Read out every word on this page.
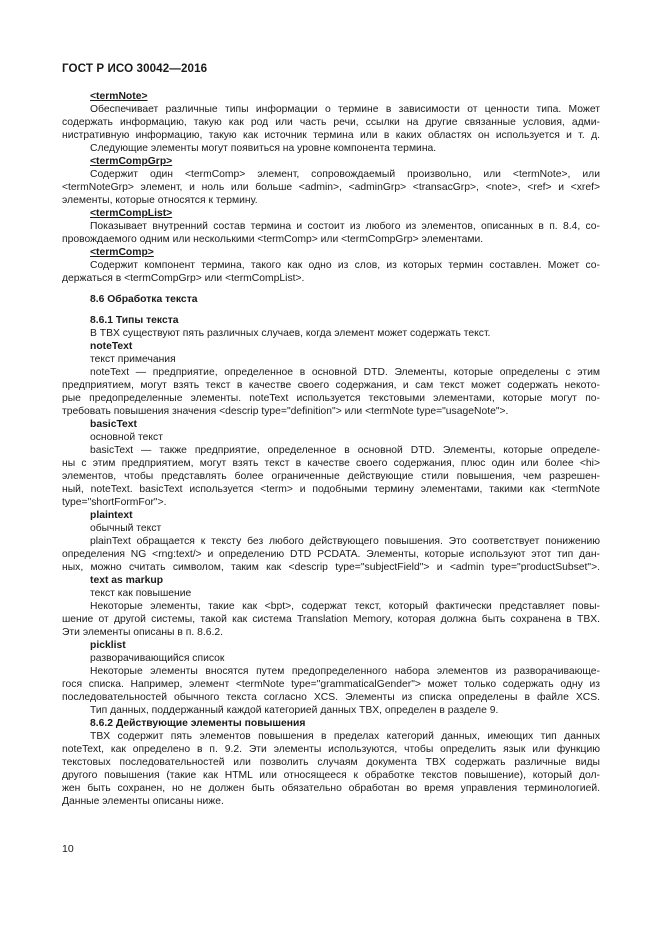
ГОСТ Р ИСО 30042—2016
<termNote>
Обеспечивает различные типы информации о термине в зависимости от ценности типа. Может
содержать информацию, такую как род или часть речи, ссылки на другие связанные условия, адми-
нистративную информацию, такую как источник термина или в каких областях он используется и т. д.
Следующие элементы могут появиться на уровне компонента термина.
<termCompGrp>
Содержит один <termComp> элемент, сопровождаемый произвольно, или <termNote>, или
<termNoteGrp> элемент, и ноль или больше <admin>, <adminGrp> <transacGrp>, <note>, <ref> и <xref>
элементы, которые относятся к термину.
<termCompList>
Показывает внутренний состав термина и состоит из любого из элементов, описанных в п. 8.4, со-
провождаемого одним или несколькими <termComp> или <termCompGrp> элементами.
<termComp>
Содержит компонент термина, такого как одно из слов, из которых термин составлен. Может со-
держаться в <termCompGrp> или <termCompList>.
8.6 Обработка текста
8.6.1 Типы текста
В TBX существуют пять различных случаев, когда элемент может содержать текст.
noteText
текст примечания
noteText — предприятие, определенное в основной DTD. Элементы, которые определены с этим
предприятием, могут взять текст в качестве своего содержания, и сам текст может содержать некото-
рые предопределенные элементы. noteText используется текстовыми элементами, которые могут по-
требовать повышения значения <descrip type="definition"> или <termNote type="usageNote">.
basicText
основной текст
basicText — также предприятие, определенное в основной DTD. Элементы, которые определе-
ны с этим предприятием, могут взять текст в качестве своего содержания, плюс один или более <hi>
элементов, чтобы представлять более ограниченные действующие стили повышения, чем разрешен-
ный, noteText. basicText используется <term> и подобными термину элементами, такими как <termNote
type="shortFormFor">.
plaintext
обычный текст
plainText обращается к тексту без любого действующего повышения. Это соответствует понижению
определения NG <rng:text/> и определению DTD PCDATA. Элементы, которые используют этот тип дан-
ных, можно считать символом, таким как <descrip type="subjectField"> и <admin type="productSubset">.
text as markup
текст как повышение
Некоторые элементы, такие как <bpt>, содержат текст, который фактически представляет повы-
шение от другой системы, такой как система Translation Memory, которая должна быть сохранена в TBX.
Эти элементы описаны в п. 8.6.2.
picklist
разворачивающийся список
Некоторые элементы вносятся путем предопределенного набора элементов из разворачивающе-
гося списка. Например, элемент <termNote type="grammaticalGender"> может только содержать одну из
последовательностей обычного текста согласно XCS. Элементы из списка определены в файле XCS.
Тип данных, поддержанный каждой категорией данных TBX, определен в разделе 9.
8.6.2 Действующие элементы повышения
TBX содержит пять элементов повышения в пределах категорий данных, имеющих тип данных
noteText, как определено в п. 9.2. Эти элементы используются, чтобы определить язык или функцию
текстовых последовательностей или позволить случаям документа TBX содержать различные виды
другого повышения (такие как HTML или относящееся к обработке текстов повышение), который дол-
жен быть сохранен, но не должен быть обязательно обработан во время управления терминологией.
Данные элементы описаны ниже.
10
